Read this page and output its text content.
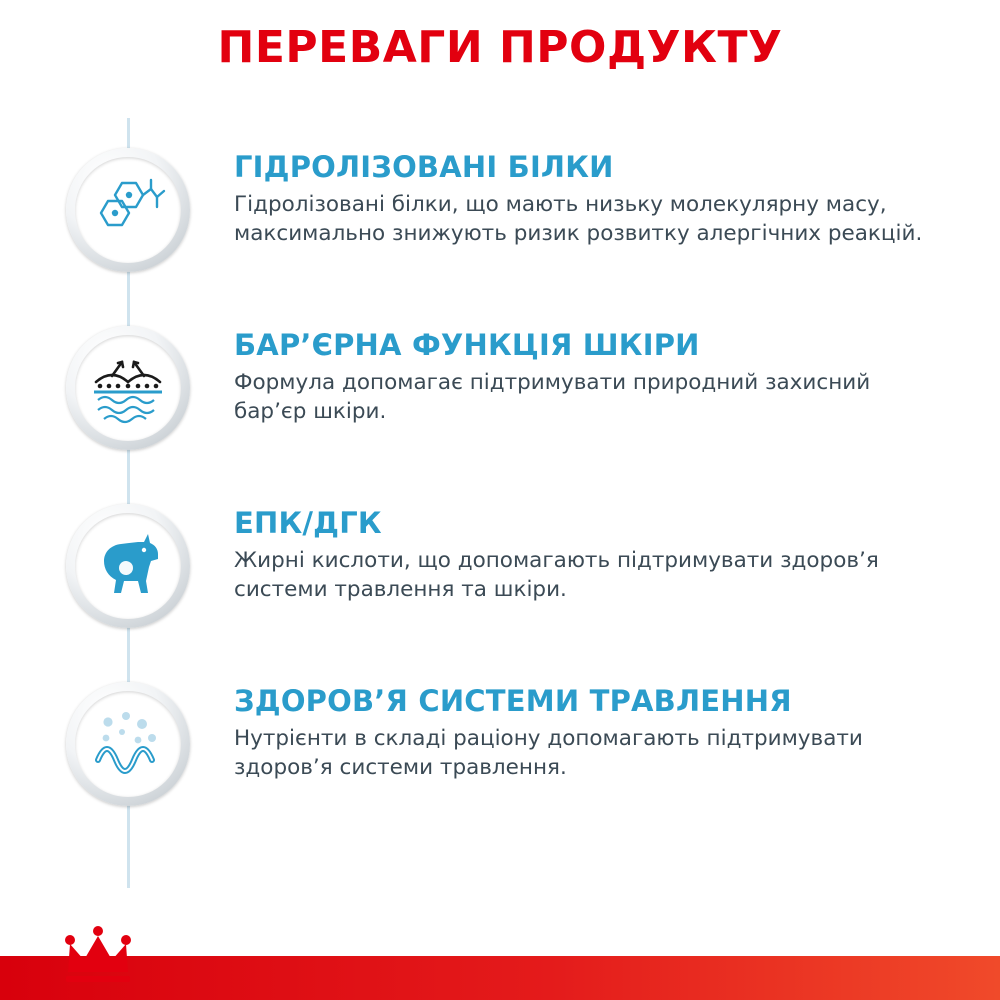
ПЕРЕВАГИ ПРОДУКТУ
ГІДРОЛІЗОВАНІ БІЛКИ
Гідролізовані білки, що мають низьку молекулярну масу, максимально знижують ризик розвитку алергічних реакцій.
БАР’ЄРНА ФУНКЦІЯ ШКІРИ
Формула допомагає підтримувати природний захисний бар’єр шкіри.
ЕПК/ДГК
Жирні кислоти, що допомагають підтримувати здоров’я системи травлення та шкіри.
ЗДОРОВ’Я СИСТЕМИ ТРАВЛЕННЯ
Нутрієнти в складі раціону допомагають підтримувати здоров’я системи травлення.
